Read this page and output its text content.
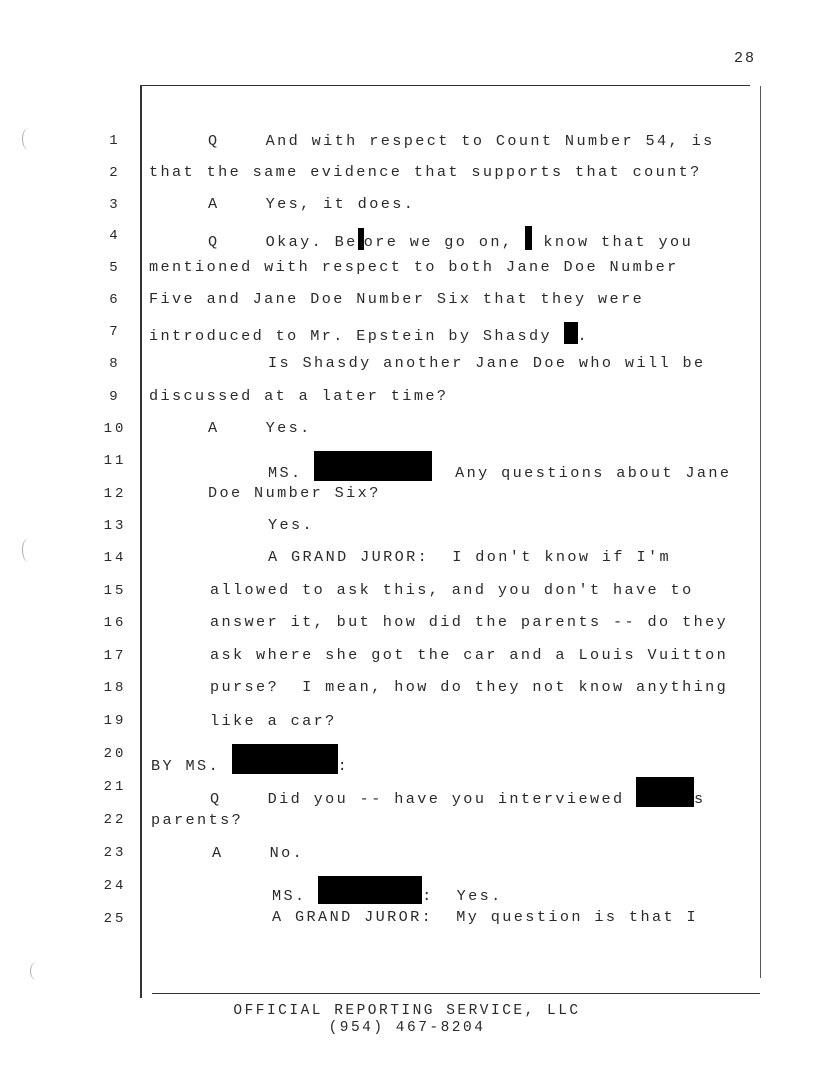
28
1
2
3
4
5
6
7
8
9
10
11
12
13
14
15
16
17
18
19
20
21
22
23
24
25
Q    And with respect to Count Number 54, is
that the same evidence that supports that count?
A    Yes, it does.
Q    Okay. Be ore we go on,  know that you
mentioned with respect to both Jane Doe Number
Five and Jane Doe Number Six that they were
introduced to Mr. Epstein by Shasdy .
Is Shasdy another Jane Doe who will be
discussed at a later time?
A    Yes.
MS.	Any questions about Jane
Doe Number Six?
Yes.
A GRAND JUROR:  I don't know if I'm
allowed to ask this, and you don't have to
answer it, but how did the parents -- do they
ask where she got the car and a Louis Vuitton
purse?  I mean, how do they not know anything
like a car?
BY MS.	:
Q    Did you -- have you interviewed	s
parents?
A    No.
MS.	:  Yes.
A GRAND JUROR:  My question is that I
OFFICIAL REPORTING SERVICE, LLC
(954) 467-8204
